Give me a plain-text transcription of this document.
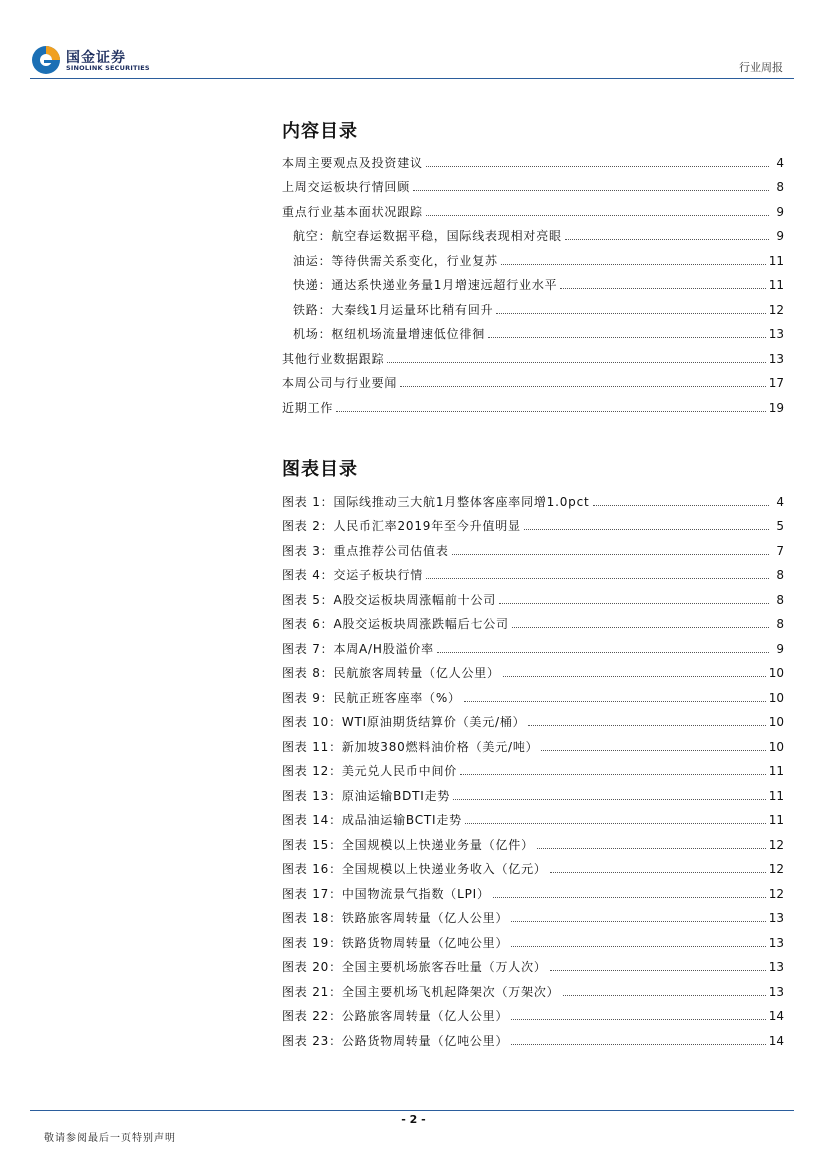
国金证券
SINOLINK SECURITIES	行业周报
内容目录
本周主要观点及投资建议	4
上周交运板块行情回顾	8
重点行业基本面状况跟踪	9
航空：航空春运数据平稳，国际线表现相对亮眼	9
油运：等待供需关系变化，行业复苏	11
快递：通达系快递业务量1月增速远超行业水平	11
铁路：大秦线1月运量环比稍有回升	12
机场：枢纽机场流量增速低位徘徊	13
其他行业数据跟踪	13
本周公司与行业要闻	17
近期工作	19
图表目录
图表 1：国际线推动三大航1月整体客座率同增1.0pct	4
图表 2：人民币汇率2019年至今升值明显	5
图表 3：重点推荐公司估值表	7
图表 4：交运子板块行情	8
图表 5：A股交运板块周涨幅前十公司	8
图表 6：A股交运板块周涨跌幅后七公司	8
图表 7：本周A/H股溢价率	9
图表 8：民航旅客周转量（亿人公里）	10
图表 9：民航正班客座率（%）	10
图表 10：WTI原油期货结算价（美元/桶）	10
图表 11：新加坡380燃料油价格（美元/吨）	10
图表 12：美元兑人民币中间价	11
图表 13：原油运输BDTI走势	11
图表 14：成品油运输BCTI走势	11
图表 15：全国规模以上快递业务量（亿件）	12
图表 16：全国规模以上快递业务收入（亿元）	12
图表 17：中国物流景气指数（LPI）	12
图表 18：铁路旅客周转量（亿人公里）	13
图表 19：铁路货物周转量（亿吨公里）	13
图表 20：全国主要机场旅客吞吐量（万人次）	13
图表 21：全国主要机场飞机起降架次（万架次）	13
图表 22：公路旅客周转量（亿人公里）	14
图表 23：公路货物周转量（亿吨公里）	14
- 2 -
敬请参阅最后一页特别声明
